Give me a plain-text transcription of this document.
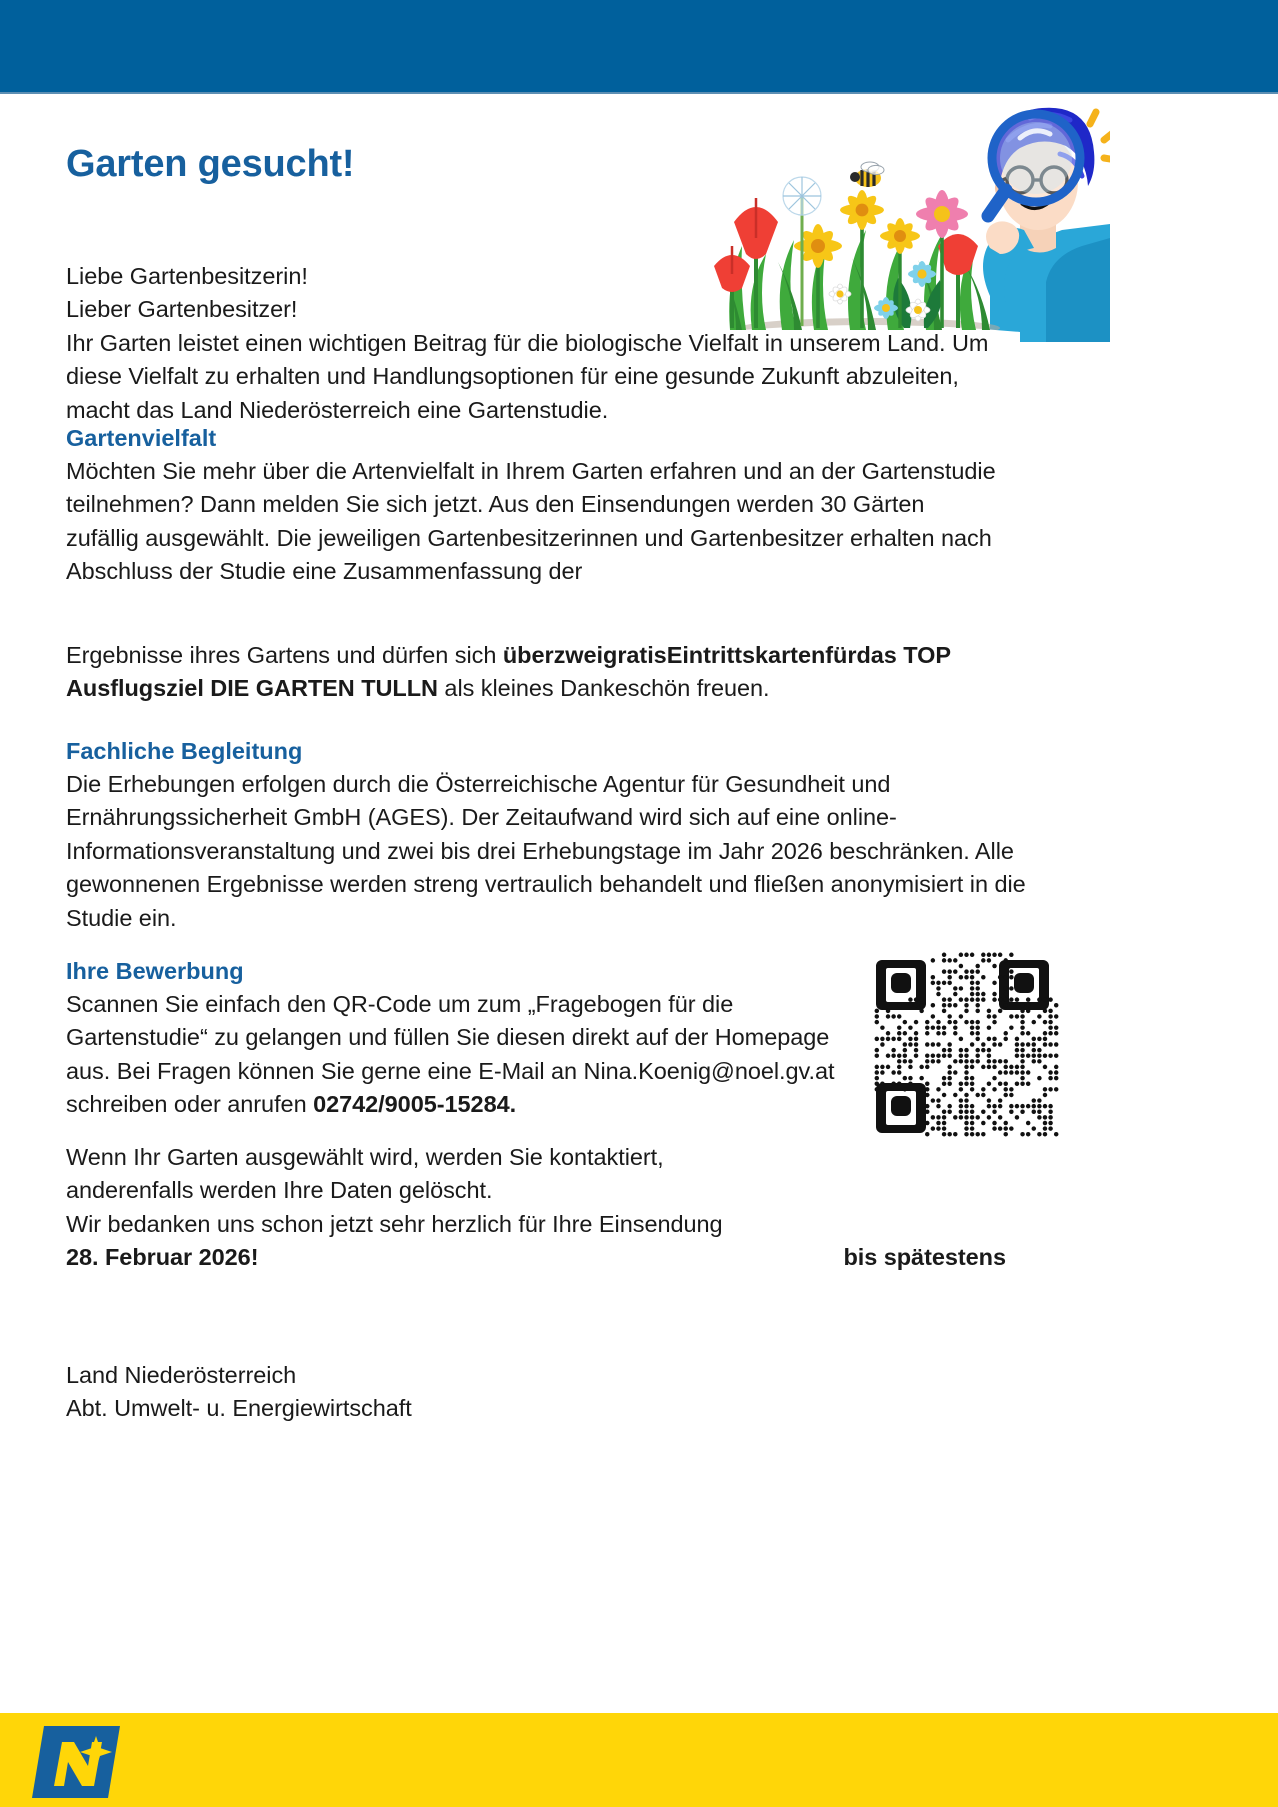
Garten gesucht!
Liebe Gartenbesitzerin!
Lieber Gartenbesitzer!
Ihr Garten leistet einen wichtigen Beitrag für die biologische Vielfalt in unserem Land. Um diese Vielfalt zu erhalten und Handlungsoptionen für eine gesunde Zukunft abzuleiten, macht das Land Niederösterreich eine Gartenstudie.
Gartenvielfalt
Möchten Sie mehr über die Artenvielfalt in Ihrem Garten erfahren und an der Gartenstudie teilnehmen? Dann melden Sie sich jetzt. Aus den Einsendungen werden 30 Gärten zufällig ausgewählt. Die jeweiligen Gartenbesitzerinnen und Gartenbesitzer erhalten nach Abschluss der Studie eine Zusammenfassung der
Ergebnisse ihres Gartens und dürfen sich überzweigratisEintrittskartenfürdas TOP Ausflugsziel DIE GARTEN TULLN als kleines Dankeschön freuen.
Fachliche Begleitung
Die Erhebungen erfolgen durch die Österreichische Agentur für Gesundheit und Ernährungssicherheit GmbH (AGES). Der Zeitaufwand wird sich auf eine online-Informationsveranstaltung und zwei bis drei Erhebungstage im Jahr 2026 beschränken. Alle gewonnenen Ergebnisse werden streng vertraulich behandelt und fließen anonymisiert in die Studie ein.
Ihre Bewerbung
Scannen Sie einfach den QR-Code um zum „Fragebogen für die Gartenstudie“ zu gelangen und füllen Sie diesen direkt auf der Homepage aus. Bei Fragen können Sie gerne eine E-Mail an Nina.Koenig@noel.gv.at schreiben oder anrufen 02742/9005-15284.
Wenn Ihr Garten ausgewählt wird, werden Sie kontaktiert,
anderenfalls werden Ihre Daten gelöscht.
Wir bedanken uns schon jetzt sehr herzlich für Ihre Einsendung
28. Februar 2026!	bis spätestens
Land Niederösterreich
Abt. Umwelt- u. Energiewirtschaft
